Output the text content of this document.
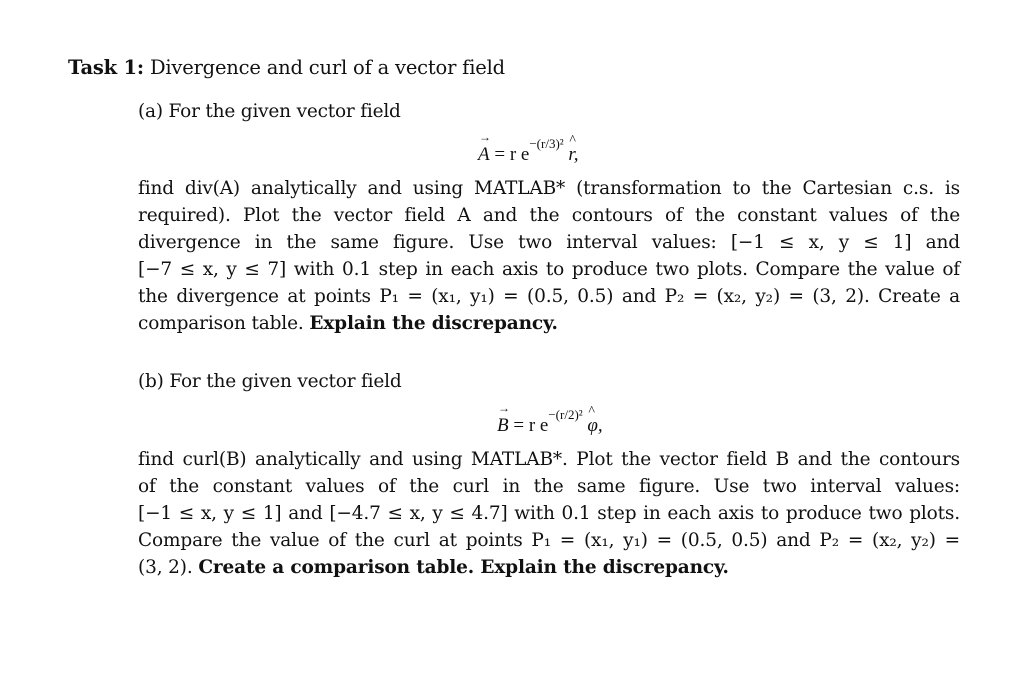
Task 1: Divergence and curl of a vector field
(a) For the given vector field
→ A = r $e^{-(r/3)^2}$ ^ r,
find div(A) analytically and using MATLAB* (transformation to the Cartesian c.s. is
required). Plot the vector field A and the contours of the constant values of the
divergence in the same figure. Use two interval values: [−1 ≤ x, y ≤ 1] and
[−7 ≤ x, y ≤ 7] with 0.1 step in each axis to produce two plots. Compare the value of
the divergence at points P₁ = (x₁, y₁) = (0.5, 0.5) and P₂ = (x₂, y₂) = (3, 2). Create a
comparison table. Explain the discrepancy.
(b) For the given vector field
→ B = r $e^{-(r/2)^2}$ ^ φ,
find curl(B) analytically and using MATLAB*. Plot the vector field B and the contours
of the constant values of the curl in the same figure. Use two interval values:
[−1 ≤ x, y ≤ 1] and [−4.7 ≤ x, y ≤ 4.7] with 0.1 step in each axis to produce two plots.
Compare the value of the curl at points P₁ = (x₁, y₁) = (0.5, 0.5) and P₂ = (x₂, y₂) =
(3, 2). Create a comparison table. Explain the discrepancy.
